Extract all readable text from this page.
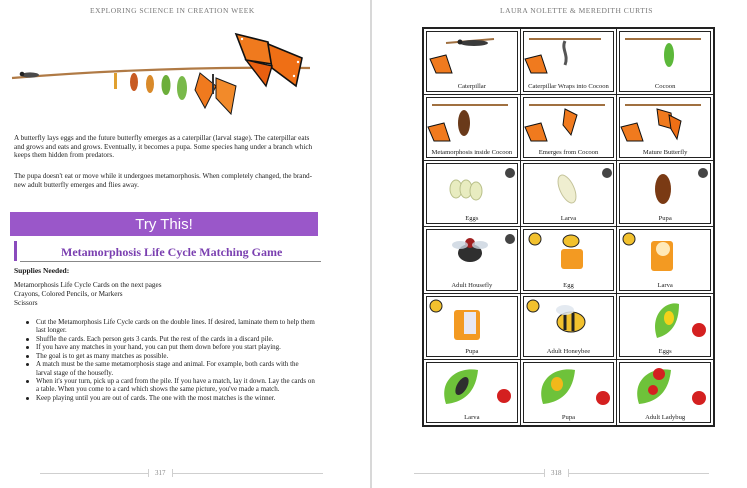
EXPLORING SCIENCE IN CREATION WEEK
A butterfly lays eggs and the future butterfly emerges as a caterpillar (larval stage). The caterpillar eats and grows and eats and grows. Eventually, it becomes a pupa. Some species hang under a branch which keeps them hidden from predators.
The pupa doesn't eat or move while it undergoes metamorphosis. When completely changed, the brand-new adult butterfly emerges and flies away.
Try This!
Metamorphosis Life Cycle Matching Game
Supplies Needed:
Metamorphosis Life Cycle Cards on the next pages
Crayons, Colored Pencils, or Markers
Scissors
Cut the Metamorphosis Life Cycle cards on the double lines. If desired, laminate them to help them last longer.
Shuffle the cards. Each person gets 3 cards. Put the rest of the cards in a discard pile.
If you have any matches in your hand, you can put them down before you start playing.
The goal is to get as many matches as possible.
A match must be the same metamorphosis stage and animal. For example, both cards with the larval stage of the housefly.
When it's your turn, pick up a card from the pile. If you have a match, lay it down. Lay the cards on a table. When you come to a card which shows the same picture, you've made a match.
Keep playing until you are out of cards. The one with the most matches is the winner.
317
LAURA NOLETTE & MEREDITH CURTIS
Caterpillar	Caterpillar Wraps into Cocoon	Cocoon
Metamorphosis inside Cocoon	Emerges from Cocoon	Mature Butterfly
Eggs	Larva	Pupa
Adult Housefly	Egg	Larva
Pupa	Adult Honeybee	Eggs
Larva	Pupa	Adult Ladybug
318
